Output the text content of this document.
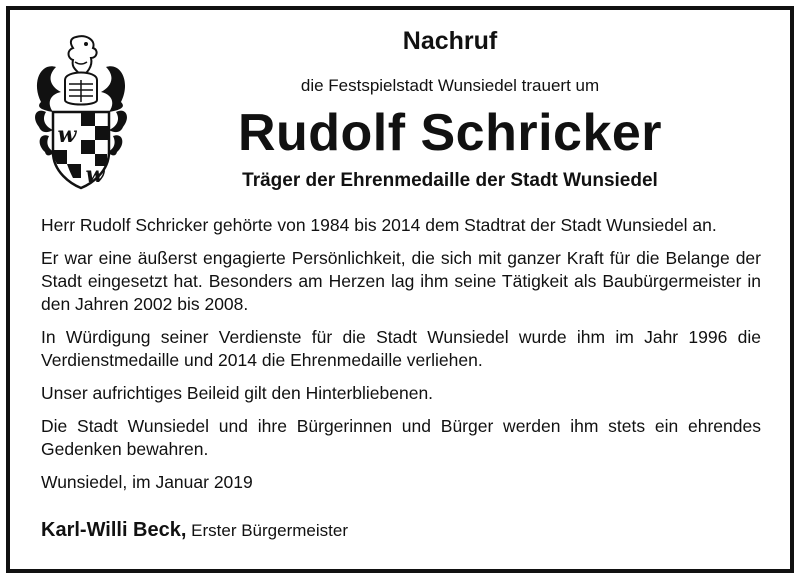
w
w
Nachruf
die Festspielstadt Wunsiedel trauert um
Rudolf Schricker
Träger der Ehrenmedaille der Stadt Wunsiedel

Herr Rudolf Schricker gehörte von 1984 bis 2014 dem Stadtrat der Stadt Wunsiedel an.

Er war eine äußerst engagierte Persönlichkeit, die sich mit ganzer Kraft für die Belange der Stadt eingesetzt hat. Besonders am Herzen lag ihm seine Tätigkeit als Baubürgermeister in den Jahren 2002 bis 2008.

In Würdigung seiner Verdienste für die Stadt Wunsiedel wurde ihm im Jahr 1996 die Verdienstmedaille und 2014 die Ehrenmedaille verliehen.

Unser aufrichtiges Beileid gilt den Hinterbliebenen.

Die Stadt Wunsiedel und ihre Bürgerinnen und Bürger werden ihm stets ein ehrendes Gedenken bewahren.

Wunsiedel, im Januar 2019

Karl-Willi Beck, Erster Bürgermeister
